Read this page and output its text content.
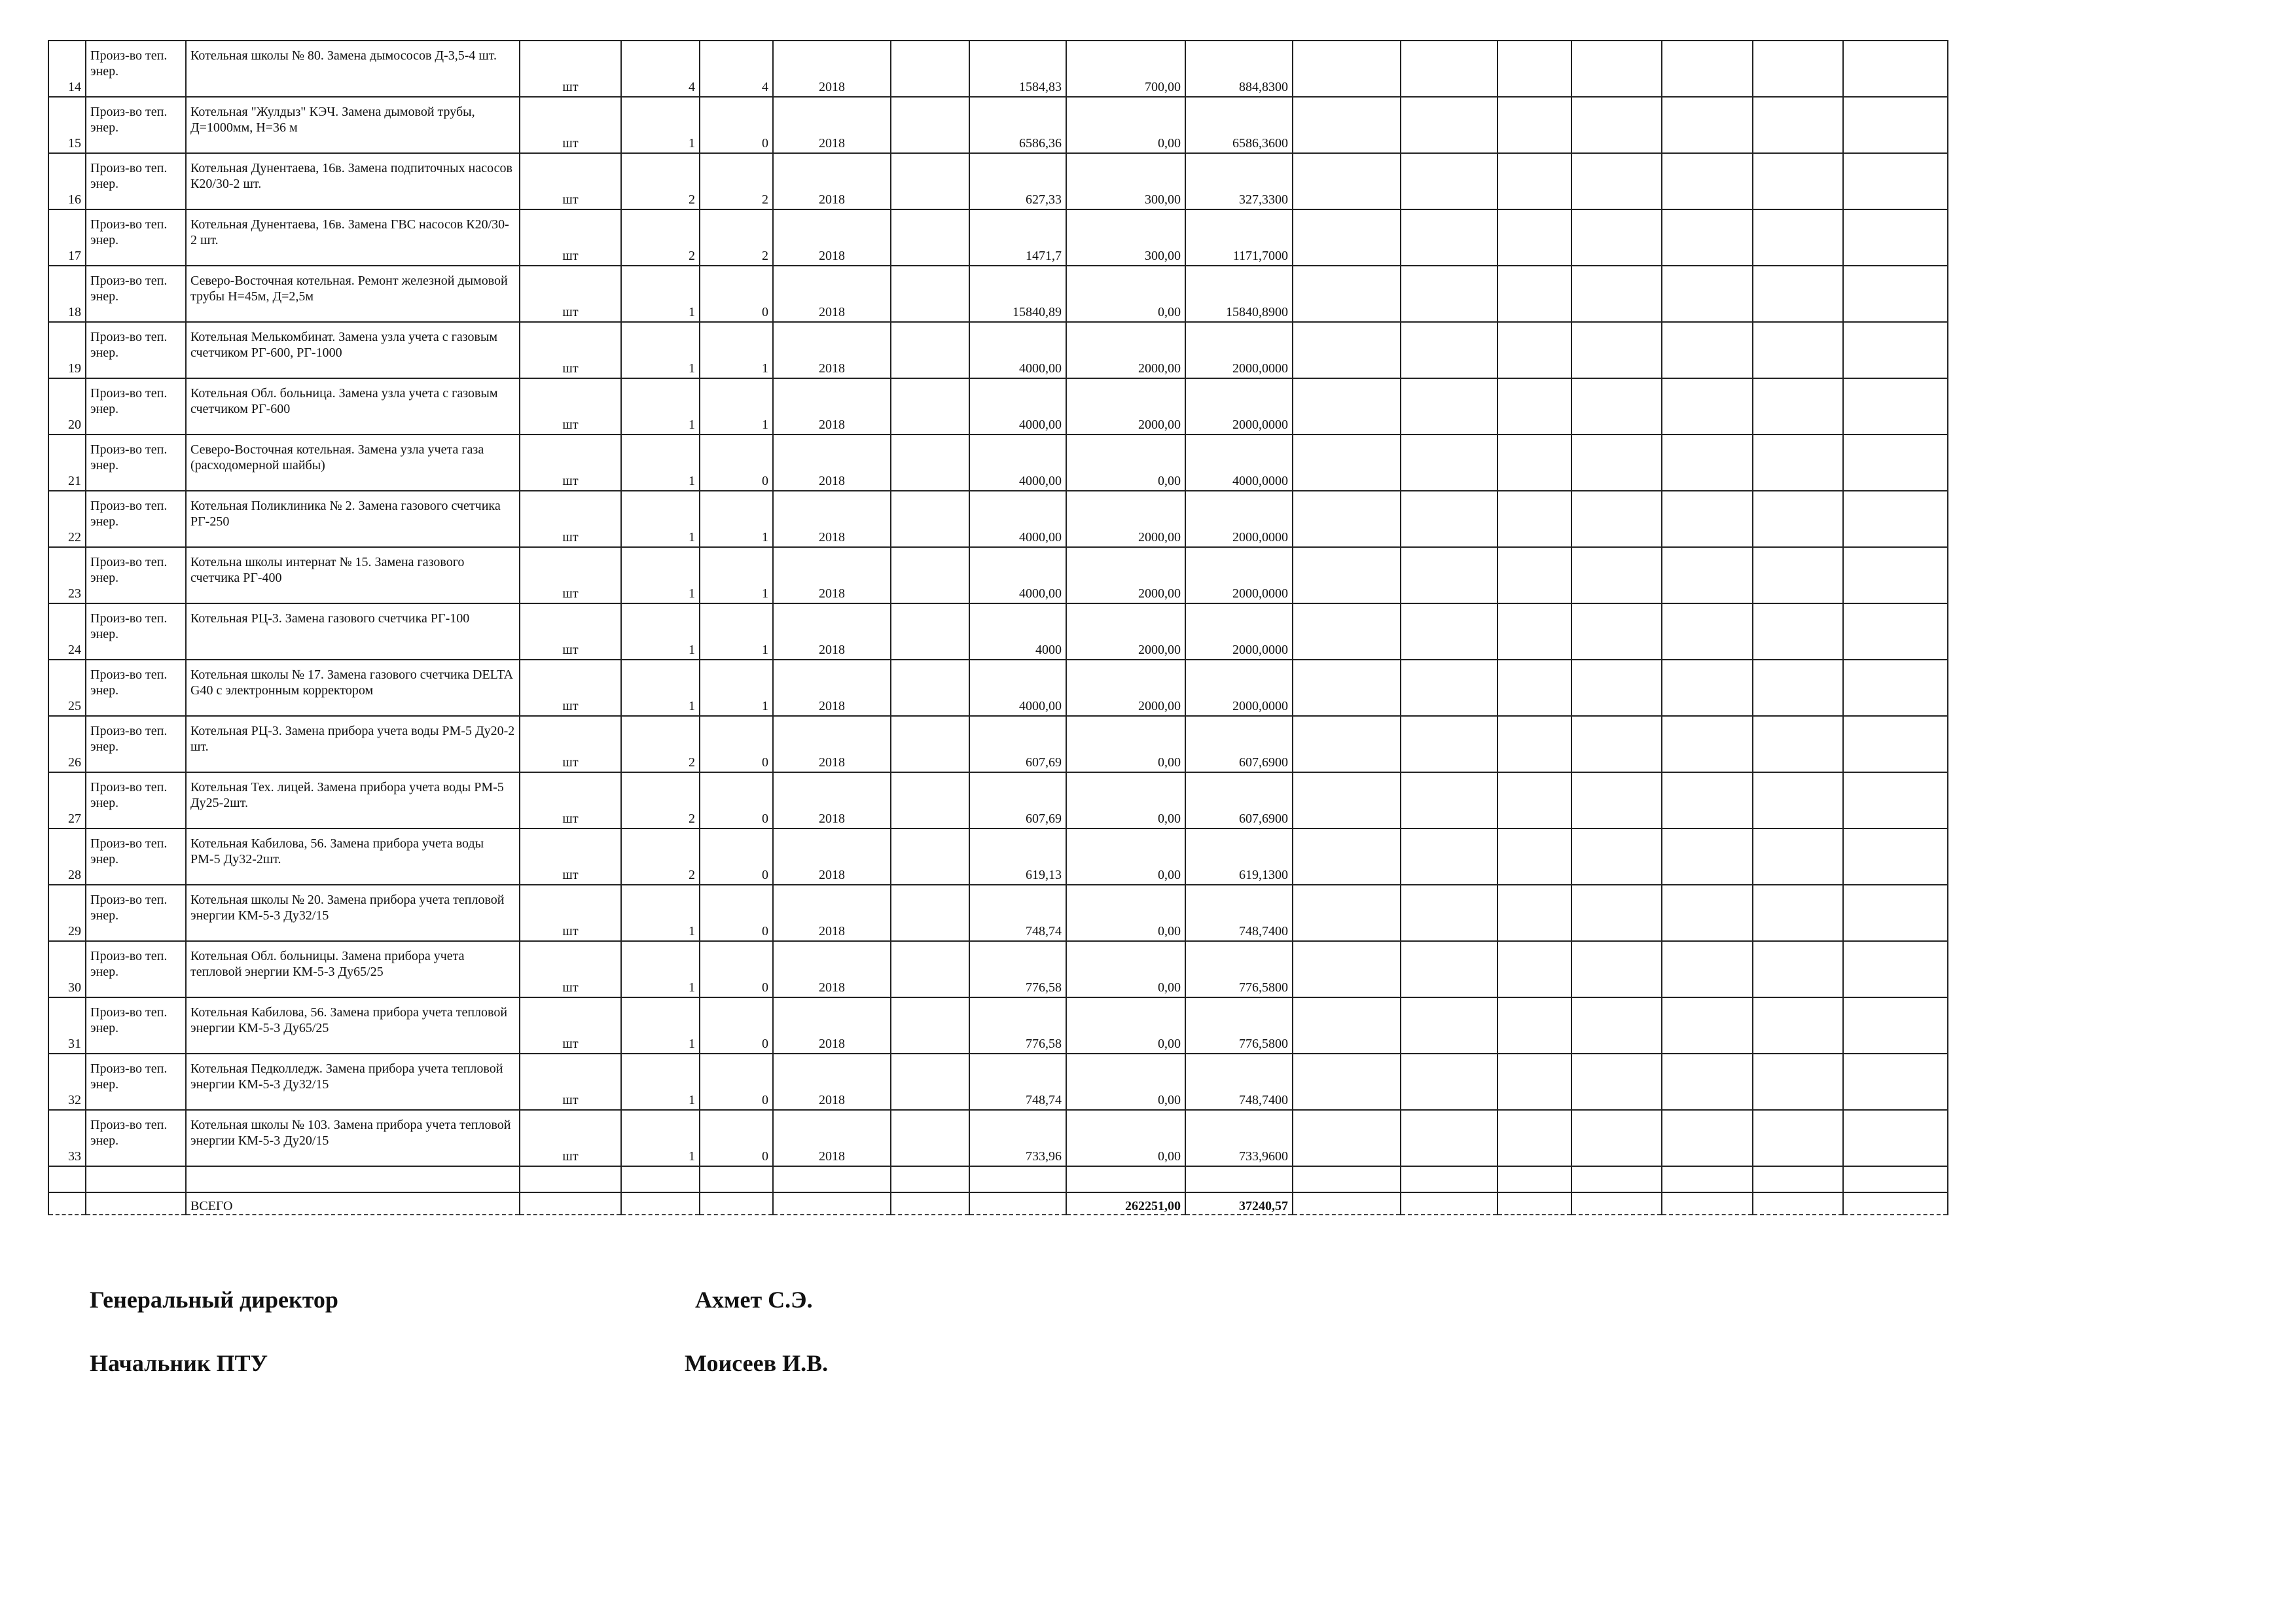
14	Произ-во теп. энер.	Котельная школы № 80. Замена дымососов Д-3,5-4 шт.	шт	4	4	2018		1584,83	700,00	884,8300							
15	Произ-во теп. энер.	Котельная "Жулдыз" КЭЧ. Замена дымовой трубы, Д=1000мм, Н=36 м	шт	1	0	2018		6586,36	0,00	6586,3600							
16	Произ-во теп. энер.	Котельная Дунентаева, 16в. Замена подпиточных насосов К20/30-2 шт.	шт	2	2	2018		627,33	300,00	327,3300							
17	Произ-во теп. энер.	Котельная Дунентаева, 16в. Замена ГВС насосов К20/30-2 шт.	шт	2	2	2018		1471,7	300,00	1171,7000							
18	Произ-во теп. энер.	Северо-Восточная котельная. Ремонт железной дымовой трубы Н=45м, Д=2,5м	шт	1	0	2018		15840,89	0,00	15840,8900							
19	Произ-во теп. энер.	Котельная Мелькомбинат. Замена узла учета с газовым счетчиком РГ-600, РГ-1000	шт	1	1	2018		4000,00	2000,00	2000,0000							
20	Произ-во теп. энер.	Котельная Обл. больница. Замена узла учета с газовым счетчиком РГ-600	шт	1	1	2018		4000,00	2000,00	2000,0000							
21	Произ-во теп. энер.	Северо-Восточная котельная. Замена узла учета газа (расходомерной шайбы)	шт	1	0	2018		4000,00	0,00	4000,0000							
22	Произ-во теп. энер.	Котельная Поликлиника № 2. Замена газового счетчика РГ-250	шт	1	1	2018		4000,00	2000,00	2000,0000							
23	Произ-во теп. энер.	Котельна школы интернат № 15. Замена газового счетчика РГ-400	шт	1	1	2018		4000,00	2000,00	2000,0000							
24	Произ-во теп. энер.	Котельная РЦ-3. Замена газового счетчика РГ-100	шт	1	1	2018		4000	2000,00	2000,0000							
25	Произ-во теп. энер.	Котельная школы № 17. Замена газового счетчика DELTA G40 с электронным корректором	шт	1	1	2018		4000,00	2000,00	2000,0000							
26	Произ-во теп. энер.	Котельная РЦ-3. Замена прибора учета воды РМ-5 Ду20-2 шт.	шт	2	0	2018		607,69	0,00	607,6900							
27	Произ-во теп. энер.	Котельная Тех. лицей. Замена прибора учета воды РМ-5 Ду25-2шт.	шт	2	0	2018		607,69	0,00	607,6900							
28	Произ-во теп. энер.	Котельная Кабилова, 56. Замена прибора учета воды РМ-5 Ду32-2шт.	шт	2	0	2018		619,13	0,00	619,1300							
29	Произ-во теп. энер.	Котельная школы № 20. Замена прибора учета тепловой энергии КМ-5-3 Ду32/15	шт	1	0	2018		748,74	0,00	748,7400							
30	Произ-во теп. энер.	Котельная Обл. больницы. Замена прибора учета тепловой энергии КМ-5-3 Ду65/25	шт	1	0	2018		776,58	0,00	776,5800							
31	Произ-во теп. энер.	Котельная Кабилова, 56. Замена прибора учета тепловой энергии КМ-5-3 Ду65/25	шт	1	0	2018		776,58	0,00	776,5800							
32	Произ-во теп. энер.	Котельная Педколледж. Замена прибора учета тепловой энергии КМ-5-3 Ду32/15	шт	1	0	2018		748,74	0,00	748,7400							
33	Произ-во теп. энер.	Котельная школы № 103. Замена прибора учета тепловой энергии КМ-5-3 Ду20/15	шт	1	0	2018		733,96	0,00	733,9600							

		ВСЕГО							262251,00	37240,57							
Генеральный директор	Ахмет С.Э.
Начальник ПТУ	Моисеев И.В.
